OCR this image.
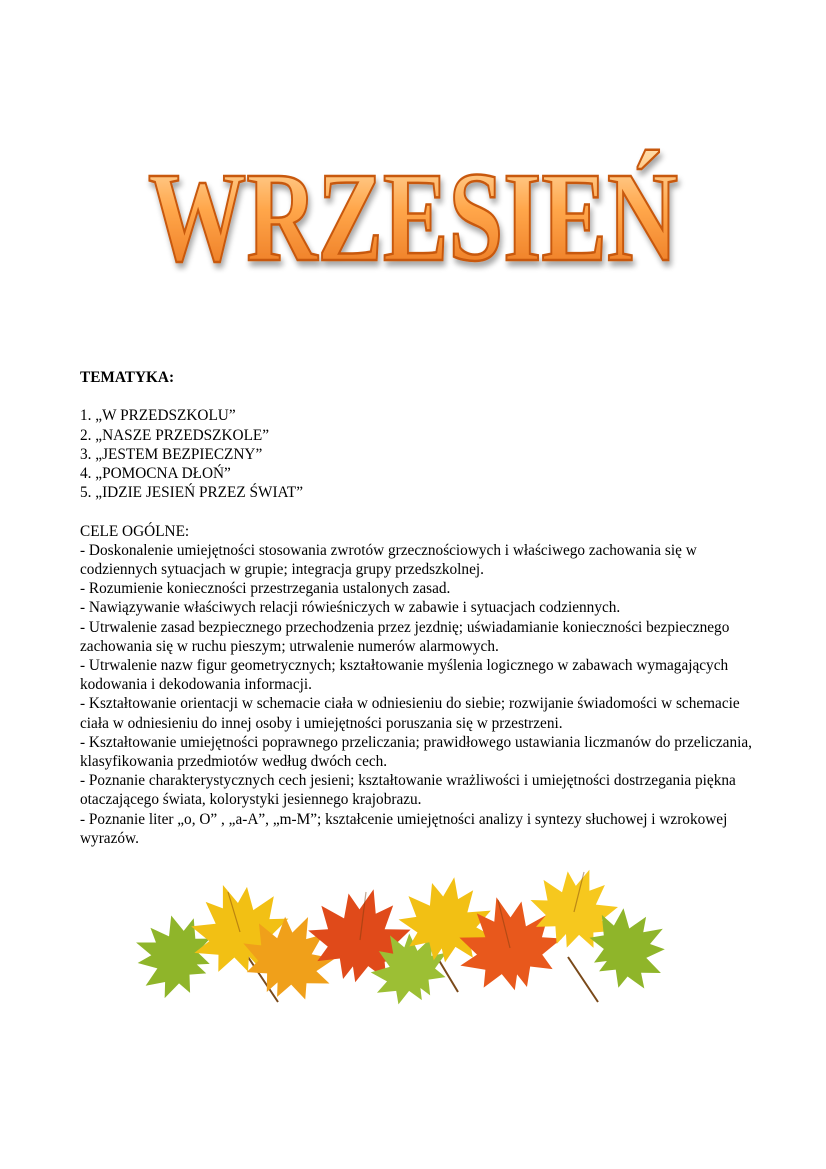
WRZESIEŃ

TEMATYKA:

1. „W PRZEDSZKOLU”
2. „NASZE PRZEDSZKOLE”
3. „JESTEM BEZPIECZNY”
4. „POMOCNA DŁOŃ”
5. „IDZIE JESIEŃ PRZEZ ŚWIAT”

CELE OGÓLNE:

- Doskonalenie umiejętności stosowania zwrotów grzecznościowych i właściwego zachowania się w codziennych sytuacjach w grupie; integracja grupy przedszkolnej.
- Rozumienie konieczności przestrzegania ustalonych zasad.
- Nawiązywanie właściwych relacji rówieśniczych w zabawie i sytuacjach codziennych.
- Utrwalenie zasad bezpiecznego przechodzenia przez jezdnię; uświadamianie konieczności bezpiecznego zachowania się w ruchu pieszym; utrwalenie numerów alarmowych.
- Utrwalenie nazw figur geometrycznych; kształtowanie myślenia logicznego w zabawach wymagających kodowania i dekodowania informacji.
- Kształtowanie orientacji w schemacie ciała w odniesieniu do siebie; rozwijanie świadomości w schemacie ciała w odniesieniu do innej osoby i umiejętności poruszania się w przestrzeni.
- Kształtowanie umiejętności poprawnego przeliczania; prawidłowego ustawiania liczmanów do przeliczania, klasyfikowania przedmiotów według dwóch cech.
- Poznanie charakterystycznych cech jesieni; kształtowanie wrażliwości i umiejętności dostrzegania piękna otaczającego świata, kolorystyki jesiennego krajobrazu.
- Poznanie liter „o, O” , „a-A”, „m-M”; kształcenie umiejętności analizy i syntezy słuchowej i wzrokowej wyrazów.
